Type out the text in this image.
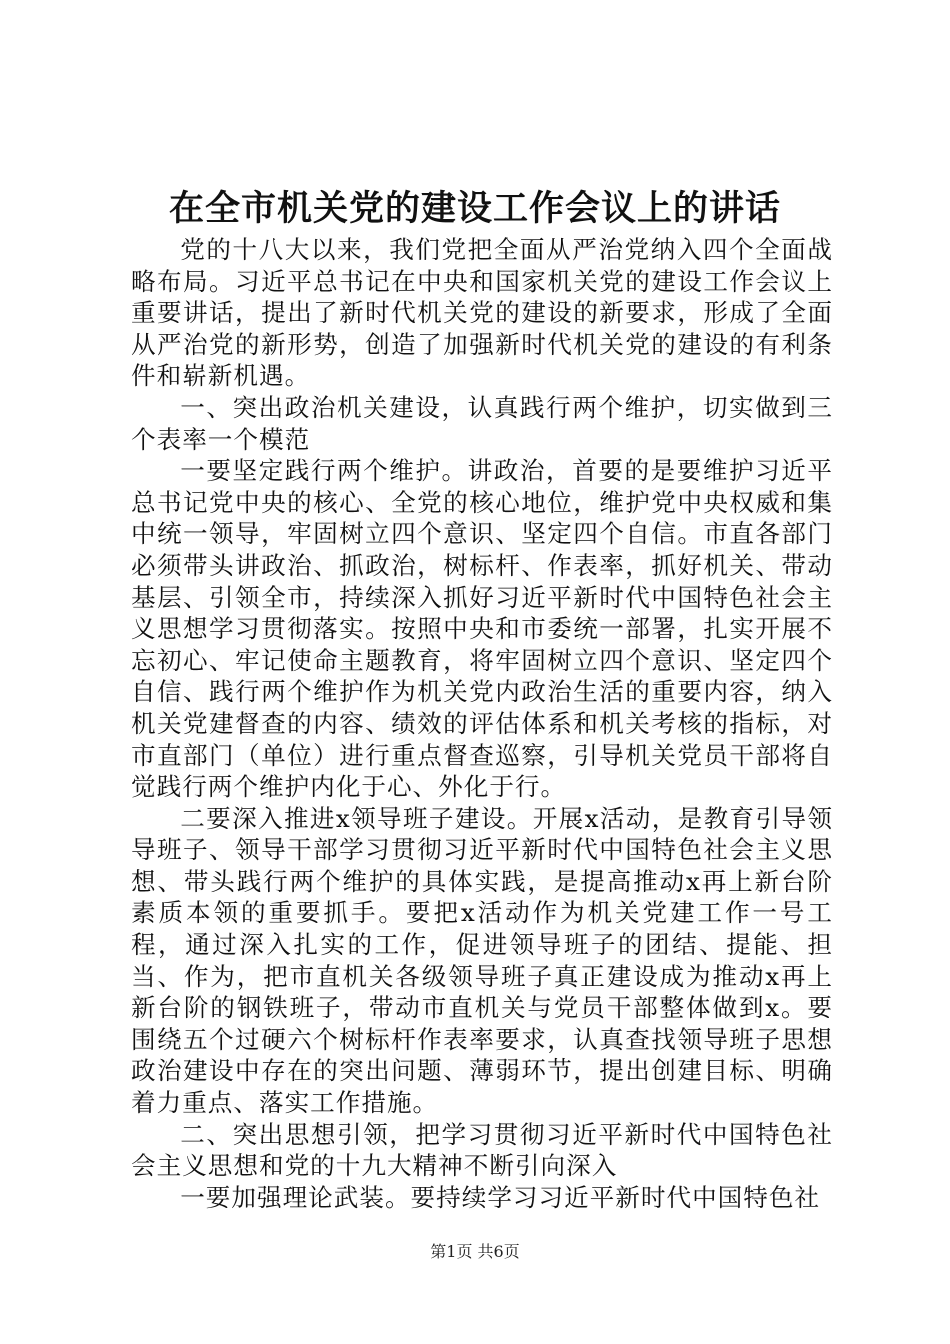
在全市机关党的建设工作会议上的讲话

党的十八大以来，我们党把全面从严治党纳入四个全面战略布局。习近平总书记在中央和国家机关党的建设工作会议上重要讲话，提出了新时代机关党的建设的新要求，形成了全面从严治党的新形势，创造了加强新时代机关党的建设的有利条件和崭新机遇。

一、突出政治机关建设，认真践行两个维护，切实做到三个表率一个模范

一要坚定践行两个维护。讲政治，首要的是要维护习近平总书记党中央的核心、全党的核心地位，维护党中央权威和集中统一领导，牢固树立四个意识、坚定四个自信。市直各部门必须带头讲政治、抓政治，树标杆、作表率，抓好机关、带动基层、引领全市，持续深入抓好习近平新时代中国特色社会主义思想学习贯彻落实。按照中央和市委统一部署，扎实开展不忘初心、牢记使命主题教育，将牢固树立四个意识、坚定四个自信、践行两个维护作为机关党内政治生活的重要内容，纳入机关党建督查的内容、绩效的评估体系和机关考核的指标，对市直部门（单位）进行重点督查巡察，引导机关党员干部将自觉践行两个维护内化于心、外化于行。

二要深入推进x领导班子建设。开展x活动，是教育引导领导班子、领导干部学习贯彻习近平新时代中国特色社会主义思想、带头践行两个维护的具体实践，是提高推动x再上新台阶素质本领的重要抓手。要把x活动作为机关党建工作一号工程，通过深入扎实的工作，促进领导班子的团结、提能、担当、作为，把市直机关各级领导班子真正建设成为推动x再上新台阶的钢铁班子，带动市直机关与党员干部整体做到x。要围绕五个过硬六个树标杆作表率要求，认真查找领导班子思想政治建设中存在的突出问题、薄弱环节，提出创建目标、明确着力重点、落实工作措施。

二、突出思想引领，把学习贯彻习近平新时代中国特色社会主义思想和党的十九大精神不断引向深入

一要加强理论武装。要持续学习习近平新时代中国特色社

第1页 共6页
